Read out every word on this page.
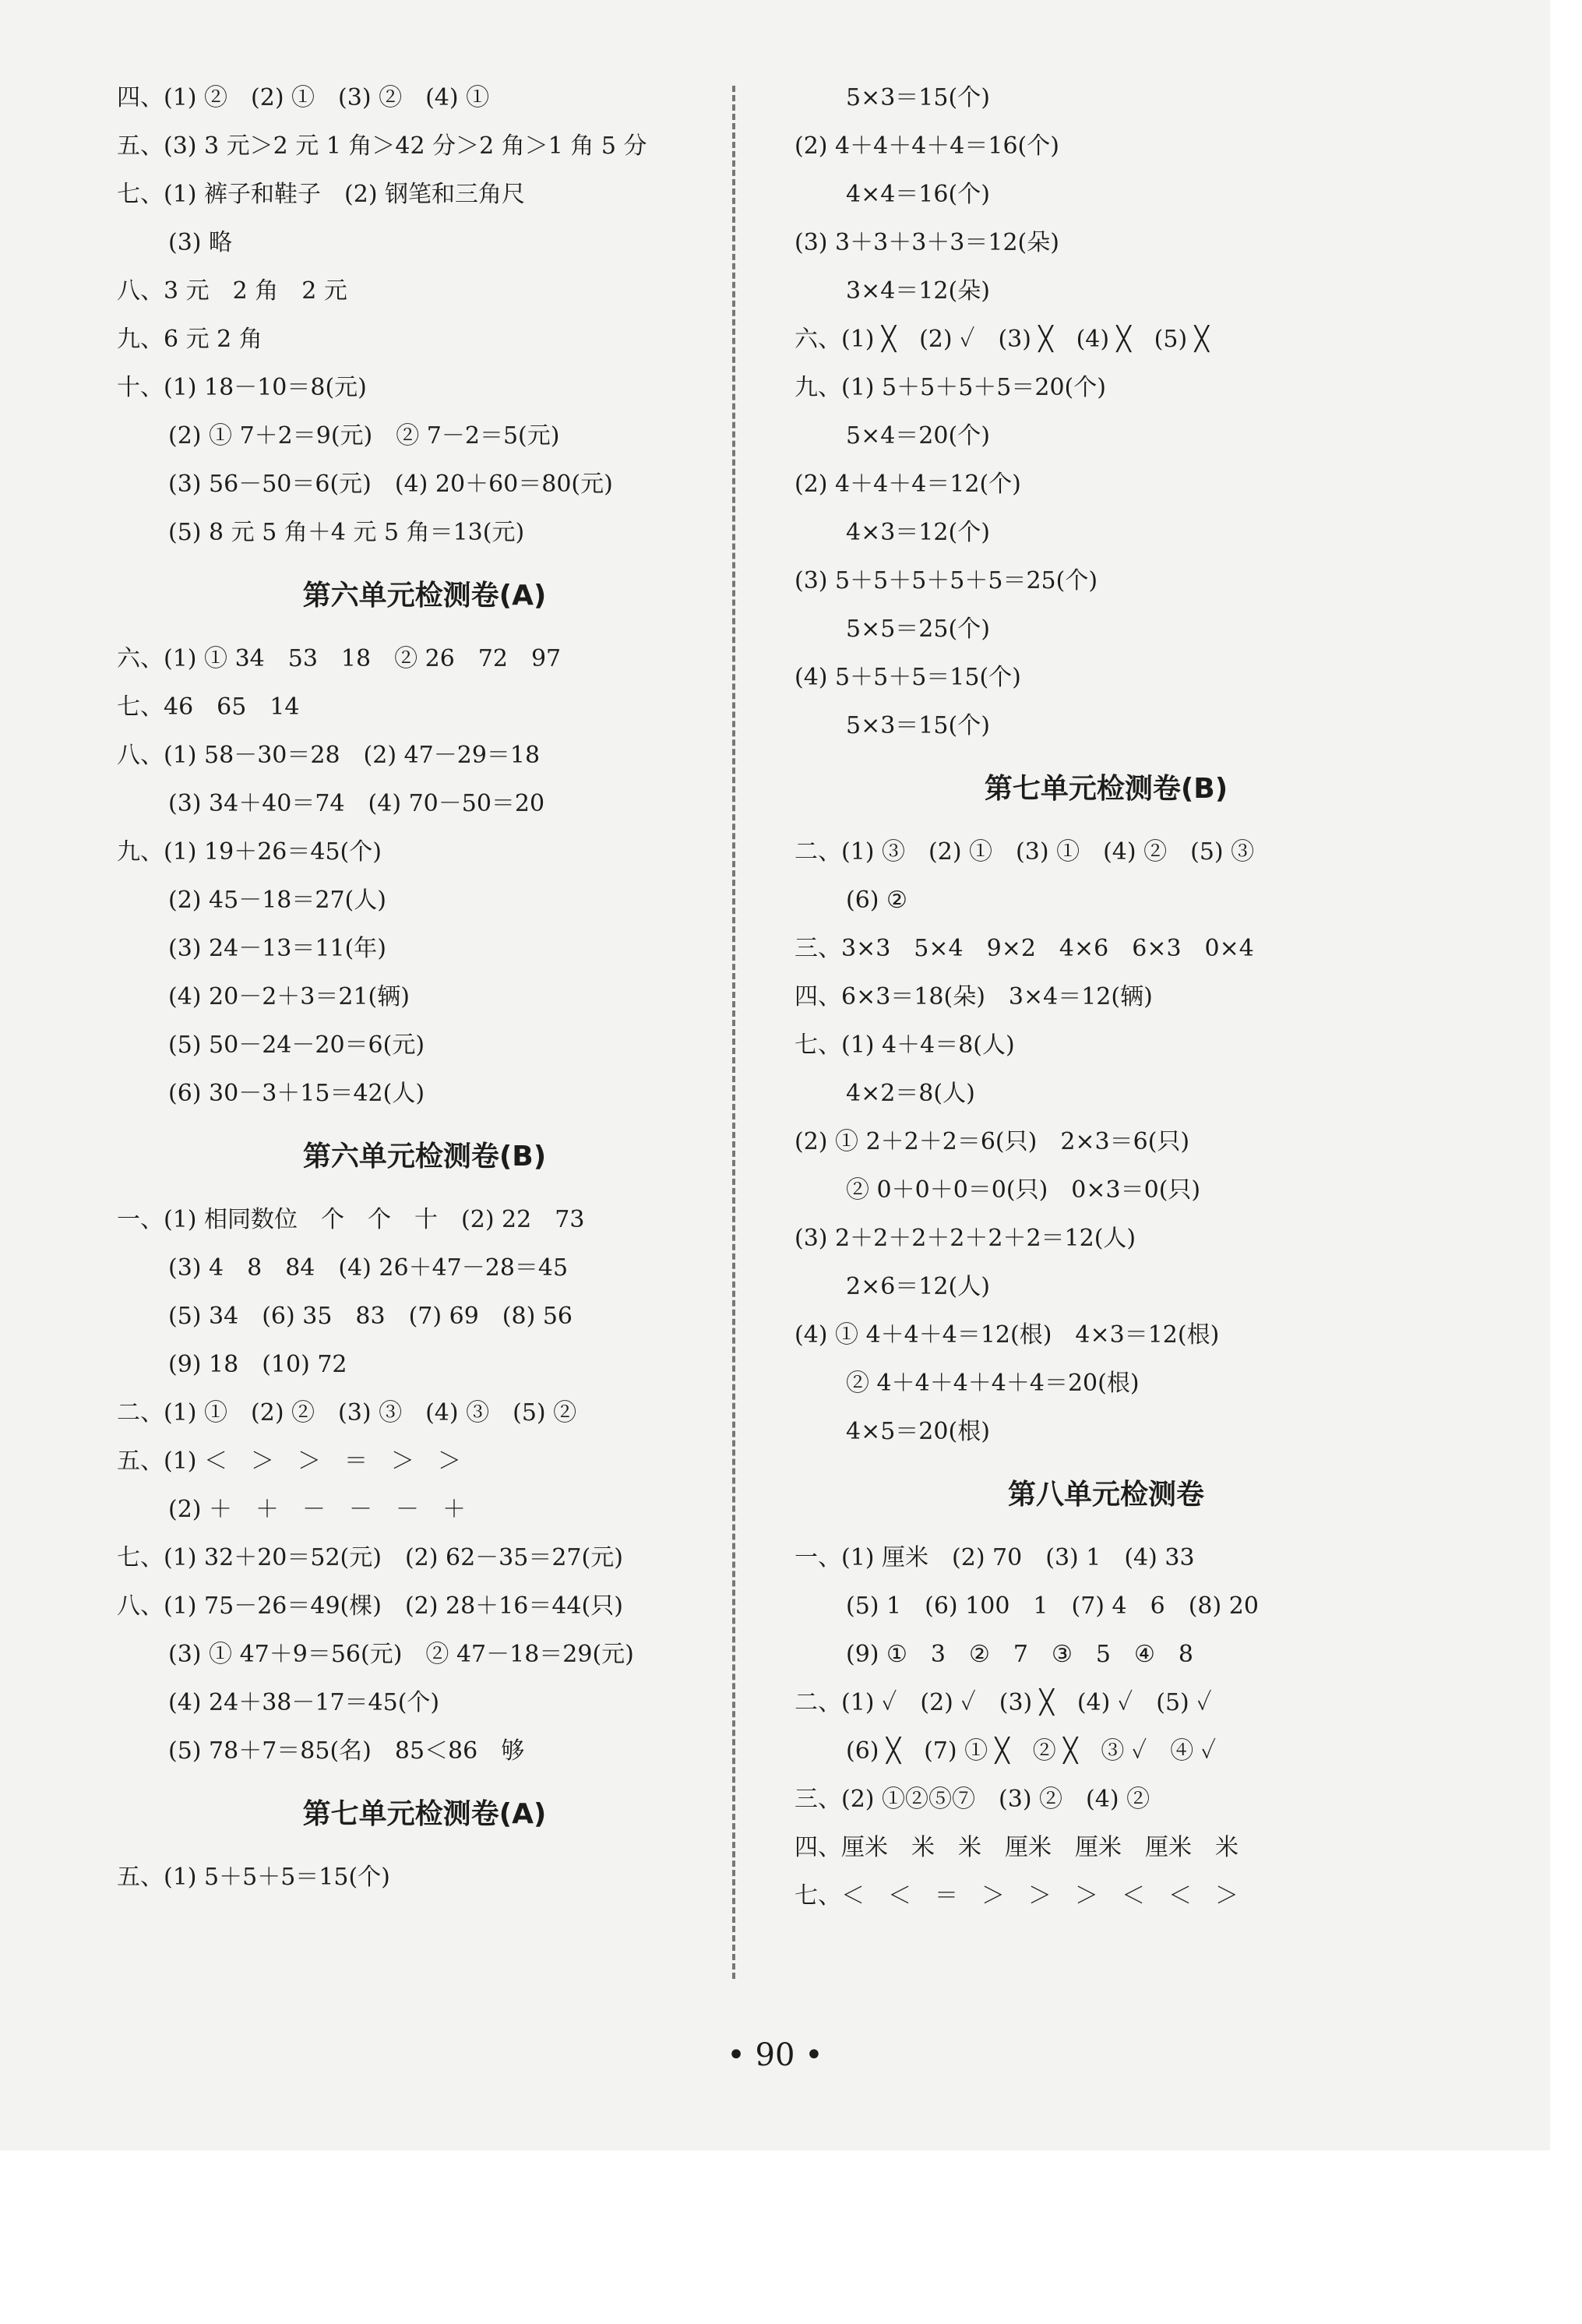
四、(1) ②　(2) ①　(3) ②　(4) ①
五、(3) 3 元＞2 元 1 角＞42 分＞2 角＞1 角 5 分
七、(1) 裤子和鞋子　(2) 钢笔和三角尺
(3) 略
八、3 元　2 角　2 元
九、6 元 2 角
十、(1) 18－10＝8(元)
(2) ① 7＋2＝9(元)　② 7－2＝5(元)
(3) 56－50＝6(元)　(4) 20＋60＝80(元)
(5) 8 元 5 角＋4 元 5 角＝13(元)
第六单元检测卷(A)
六、(1) ① 34　53　18　② 26　72　97
七、46　65　14
八、(1) 58－30＝28　(2) 47－29＝18
(3) 34＋40＝74　(4) 70－50＝20
九、(1) 19＋26＝45(个)
(2) 45－18＝27(人)
(3) 24－13＝11(年)
(4) 20－2＋3＝21(辆)
(5) 50－24－20＝6(元)
(6) 30－3＋15＝42(人)
第六单元检测卷(B)
一、(1) 相同数位　个　个　十　(2) 22　73
(3) 4　8　84　(4) 26＋47－28＝45
(5) 34　(6) 35　83　(7) 69　(8) 56
(9) 18　(10) 72
二、(1) ①　(2) ②　(3) ③　(4) ③　(5) ②
五、(1) ＜　＞　＞　＝　＞　＞
(2) ＋　＋　－　－　－　＋
七、(1) 32＋20＝52(元)　(2) 62－35＝27(元)
八、(1) 75－26＝49(棵)　(2) 28＋16＝44(只)
(3) ① 47＋9＝56(元)　② 47－18＝29(元)
(4) 24＋38－17＝45(个)
(5) 78＋7＝85(名)　85＜86　够
第七单元检测卷(A)
五、(1) 5＋5＋5＝15(个)
5×3＝15(个)
(2) 4＋4＋4＋4＝16(个)
4×4＝16(个)
(3) 3＋3＋3＋3＝12(朵)
3×4＝12(朵)
六、(1) ╳　(2) ✓　(3) ╳　(4) ╳　(5) ╳
九、(1) 5＋5＋5＋5＝20(个)
5×4＝20(个)
(2) 4＋4＋4＝12(个)
4×3＝12(个)
(3) 5＋5＋5＋5＋5＝25(个)
5×5＝25(个)
(4) 5＋5＋5＝15(个)
5×3＝15(个)
第七单元检测卷(B)
二、(1) ③　(2) ①　(3) ①　(4) ②　(5) ③
(6) ②
三、3×3　5×4　9×2　4×6　6×3　0×4
四、6×3＝18(朵)　3×4＝12(辆)
七、(1) 4＋4＝8(人)
4×2＝8(人)
(2) ① 2＋2＋2＝6(只)　2×3＝6(只)
② 0＋0＋0＝0(只)　0×3＝0(只)
(3) 2＋2＋2＋2＋2＋2＝12(人)
2×6＝12(人)
(4) ① 4＋4＋4＝12(根)　4×3＝12(根)
② 4＋4＋4＋4＋4＝20(根)
4×5＝20(根)
第八单元检测卷
一、(1) 厘米　(2) 70　(3) 1　(4) 33
(5) 1　(6) 100　1　(7) 4　6　(8) 20
(9) ①　3　②　7　③　5　④　8
二、(1) ✓　(2) ✓　(3) ╳　(4) ✓　(5) ✓
(6) ╳　(7) ① ╳　② ╳　③ ✓　④ ✓
三、(2) ①②⑤⑦　(3) ②　(4) ②
四、厘米　米　米　厘米　厘米　厘米　米
七、＜　＜　＝　＞　＞　＞　＜　＜　＞
• 90 •
